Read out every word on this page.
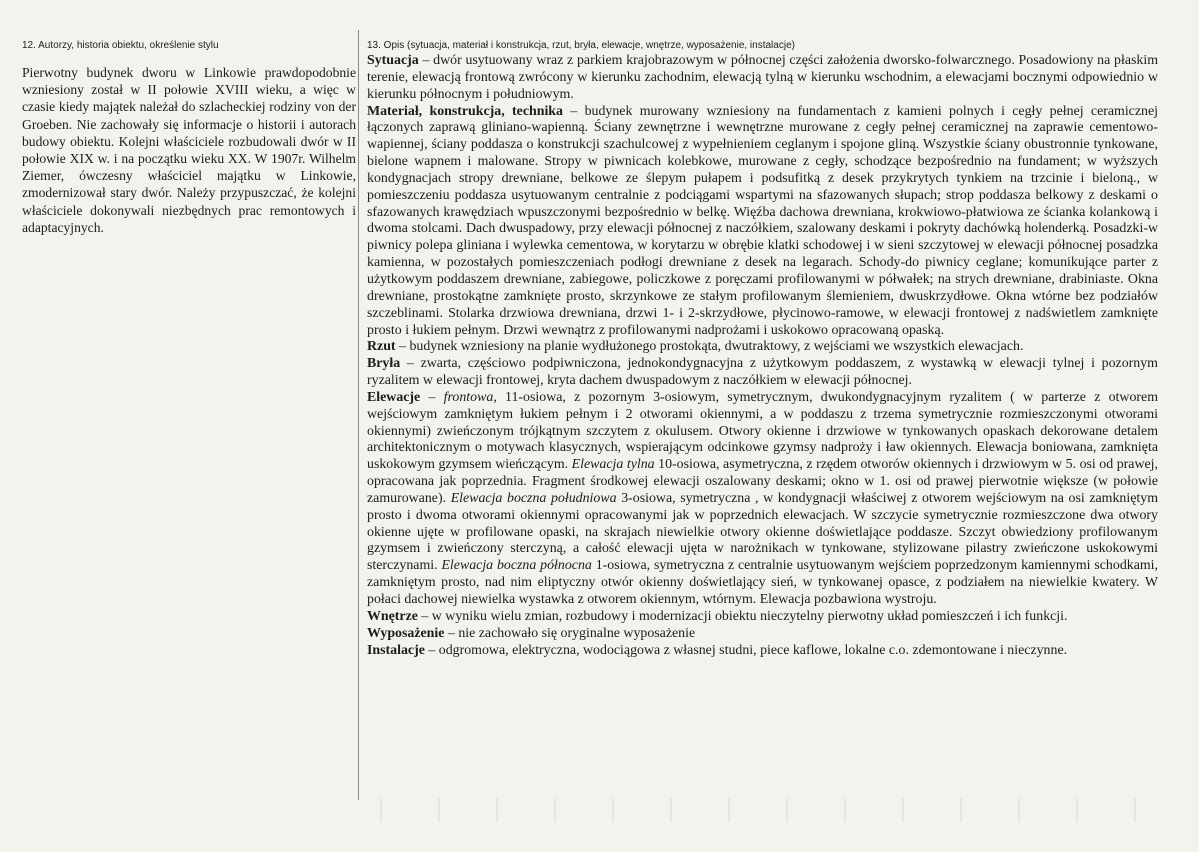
12. Autorzy, historia obiektu, określenie stylu

Pierwotny budynek dworu w Linkowie prawdopodobnie wzniesiony został w II połowie XVIII wieku, a więc w czasie kiedy majątek należał do szlacheckiej rodziny von der Groeben. Nie zachowały się informacje o historii i autorach budowy obiektu. Kolejni właściciele rozbudowali dwór w II połowie XIX w. i na początku wieku XX. W 1907r. Wilhelm Ziemer, ówczesny właściciel majątku w Linkowie, zmodernizował stary dwór. Należy przypuszczać, że kolejni właściciele dokonywali niezbędnych prac remontowych i adaptacyjnych.

13. Opis (sytuacja, materiał i konstrukcja, rzut, bryła, elewacje, wnętrze, wyposażenie, instalacje)

Sytuacja – dwór usytuowany wraz z parkiem krajobrazowym w północnej części założenia dworsko-folwarcznego. Posadowiony na płaskim terenie, elewacją frontową zwrócony w kierunku zachodnim, elewacją tylną w kierunku wschodnim, a elewacjami bocznymi odpowiednio w kierunku północnym i południowym.

Materiał, konstrukcja, technika – budynek murowany wzniesiony na fundamentach z kamieni polnych i cegły pełnej ceramicznej łączonych zaprawą gliniano-wapienną. Ściany zewnętrzne i wewnętrzne murowane z cegły pełnej ceramicznej na zaprawie cementowo-wapiennej, ściany poddasza o konstrukcji szachulcowej z wypełnieniem ceglanym i spojone gliną. Wszystkie ściany obustronnie tynkowane, bielone wapnem i malowane. Stropy w piwnicach kolebkowe, murowane z cegły, schodzące bezpośrednio na fundament; w wyższych kondygnacjach stropy drewniane, belkowe ze ślepym pułapem i podsufitką z desek przykrytych tynkiem na trzcinie i bieloną., w pomieszczeniu poddasza usytuowanym centralnie z podciągami wspartymi na sfazowanych słupach; strop poddasza belkowy z deskami o sfazowanych krawędziach wpuszczonymi bezpośrednio w belkę. Więźba dachowa drewniana, krokwiowo-płatwiowa ze ścianka kolankową i dwoma stolcami. Dach dwuspadowy, przy elewacji północnej z naczółkiem, szalowany deskami i pokryty dachówką holenderką. Posadzki-w piwnicy polepa gliniana i wylewka cementowa, w korytarzu w obrębie klatki schodowej i w sieni szczytowej w elewacji północnej posadzka kamienna, w pozostałych pomieszczeniach podłogi drewniane z desek na legarach. Schody-do piwnicy ceglane; komunikujące parter z użytkowym poddaszem drewniane, zabiegowe, policzkowe z poręczami profilowanymi w półwałek; na strych drewniane, drabiniaste. Okna drewniane, prostokątne zamknięte prosto, skrzynkowe ze stałym profilowanym ślemieniem, dwuskrzydłowe. Okna wtórne bez podziałów szczeblinami. Stolarka drzwiowa drewniana, drzwi 1- i 2-skrzydłowe, płycinowo-ramowe, w elewacji frontowej z nadświetlem zamknięte prosto i łukiem pełnym. Drzwi wewnątrz z profilowanymi nadprożami i uskokowo opracowaną opaską.

Rzut – budynek wzniesiony na planie wydłużonego prostokąta, dwutraktowy, z wejściami we wszystkich elewacjach.

Bryła – zwarta, częściowo podpiwniczona, jednokondygnacyjna z użytkowym poddaszem, z wystawką w elewacji tylnej i pozornym ryzalitem w elewacji frontowej, kryta dachem dwuspadowym z naczółkiem w elewacji północnej.

Elewacje – frontowa, 11-osiowa, z pozornym 3-osiowym, symetrycznym, dwukondygnacyjnym ryzalitem ( w parterze z otworem wejściowym zamkniętym łukiem pełnym i 2 otworami okiennymi, a w poddaszu z trzema symetrycznie rozmieszczonymi otworami okiennymi) zwieńczonym trójkątnym szczytem z okulusem. Otwory okienne i drzwiowe w tynkowanych opaskach dekorowane detalem architektonicznym o motywach klasycznych, wspierającym odcinkowe gzymsy nadproży i ław okiennych. Elewacja boniowana, zamknięta uskokowym gzymsem wieńczącym. Elewacja tylna 10-osiowa, asymetryczna, z rzędem otworów okiennych i drzwiowym w 5. osi od prawej, opracowana jak poprzednia. Fragment środkowej elewacji oszalowany deskami; okno w 1. osi od prawej pierwotnie większe (w połowie zamurowane). Elewacja boczna południowa 3-osiowa, symetryczna , w kondygnacji właściwej z otworem wejściowym na osi zamkniętym prosto i dwoma otworami okiennymi opracowanymi jak w poprzednich elewacjach. W szczycie symetrycznie rozmieszczone dwa otwory okienne ujęte w profilowane opaski, na skrajach niewielkie otwory okienne doświetlające poddasze. Szczyt obwiedziony profilowanym gzymsem i zwieńczony sterczyną, a całość elewacji ujęta w narożnikach w tynkowane, stylizowane pilastry zwieńczone uskokowymi sterczynami. Elewacja boczna północna 1-osiowa, symetryczna z centralnie usytuowanym wejściem poprzedzonym kamiennymi schodkami, zamkniętym prosto, nad nim eliptyczny otwór okienny doświetlający sień, w tynkowanej opasce, z podziałem na niewielkie kwatery. W połaci dachowej niewielka wystawka z otworem okiennym, wtórnym. Elewacja pozbawiona wystroju.

Wnętrze – w wyniku wielu zmian, rozbudowy i modernizacji obiektu nieczytelny pierwotny układ pomieszczeń i ich funkcji.

Wyposażenie – nie zachowało się oryginalne wyposażenie

Instalacje – odgromowa, elektryczna, wodociągowa z własnej studni, piece kaflowe, lokalne c.o. zdemontowane i nieczynne.
